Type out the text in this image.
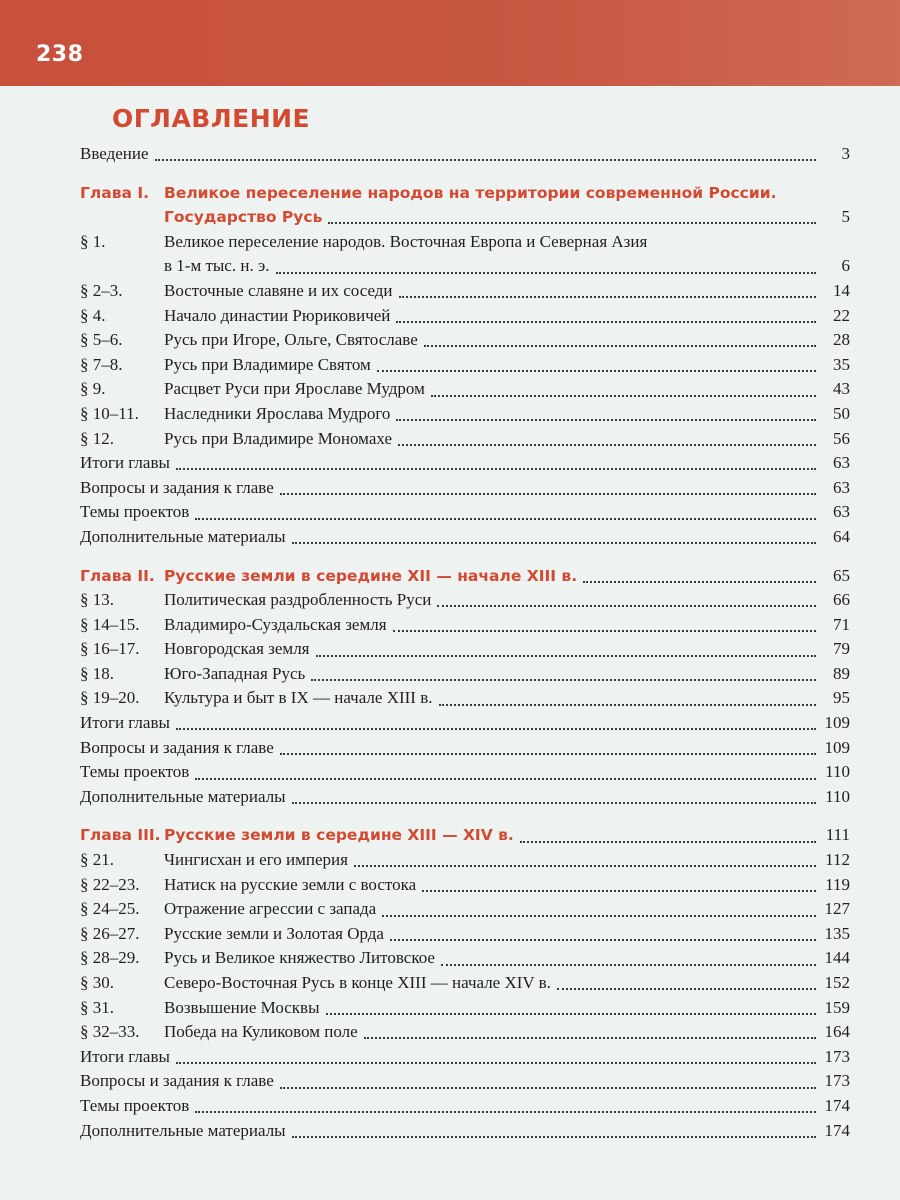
238
ОГЛАВЛЕНИЕ
Введение	3
Глава I. Великое переселение народов на территории современной России.
Государство Русь	5
§ 1.	Великое переселение народов. Восточная Европа и Северная Азия
в 1-м тыс. н. э.	6
§ 2–3. Восточные славяне и их соседи	14
§ 4.	Начало династии Рюриковичей	22
§ 5–6. Русь при Игоре, Ольге, Святославе	28
§ 7–8. Русь при Владимире Святом	35
§ 9.	Расцвет Руси при Ярославе Мудром	43
§ 10–11. Наследники Ярослава Мудрого	50
§ 12.	Русь при Владимире Мономахе	56
Итоги главы	63
Вопросы и задания к главе	63
Темы проектов	63
Дополнительные материалы	64
Глава II. Русские земли в середине XII — начале XIII в.	65
§ 13.	Политическая раздробленность Руси	66
§ 14–15. Владимиро-Суздальская земля	71
§ 16–17. Новгородская земля	79
§ 18.	Юго-Западная Русь	89
§ 19–20. Культура и быт в IX — начале XIII в.	95
Итоги главы	109
Вопросы и задания к главе	109
Темы проектов	110
Дополнительные материалы	110
Глава III. Русские земли в середине XIII — XIV в.	111
§ 21.	Чингисхан и его империя	112
§ 22–23. Натиск на русские земли с востока	119
§ 24–25. Отражение агрессии с запада	127
§ 26–27. Русские земли и Золотая Орда	135
§ 28–29. Русь и Великое княжество Литовское	144
§ 30.	Северо-Восточная Русь в конце XIII — начале XIV в.	152
§ 31.	Возвышение Москвы	159
§ 32–33. Победа на Куликовом поле	164
Итоги главы	173
Вопросы и задания к главе	173
Темы проектов	174
Дополнительные материалы	174
